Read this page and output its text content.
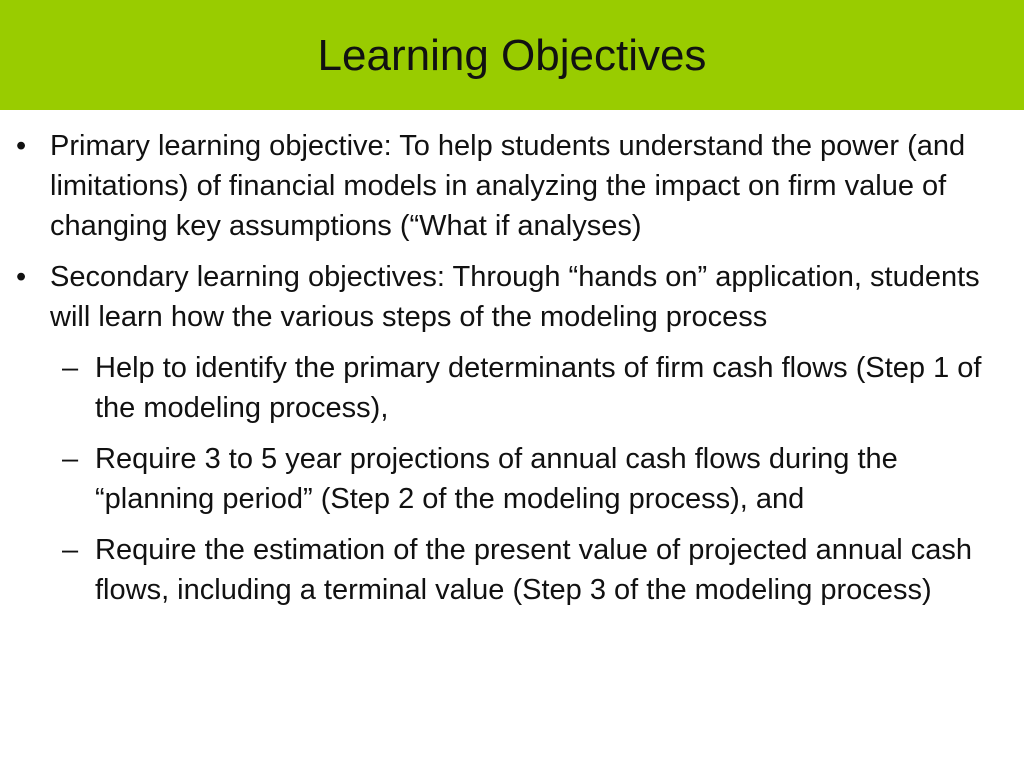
Learning Objectives
• Primary learning objective: To help students understand the power (and limitations) of financial models in analyzing the impact on firm value of changing key assumptions (“What if analyses)
• Secondary learning objectives: Through “hands on” application, students will learn how the various steps of the modeling process
– Help to identify the primary determinants of firm cash flows (Step 1 of the modeling process),
– Require 3 to 5 year projections of annual cash flows during the “planning period” (Step 2 of the modeling process), and
– Require the estimation of the present value of projected annual cash flows, including a terminal value (Step 3 of the modeling process)
